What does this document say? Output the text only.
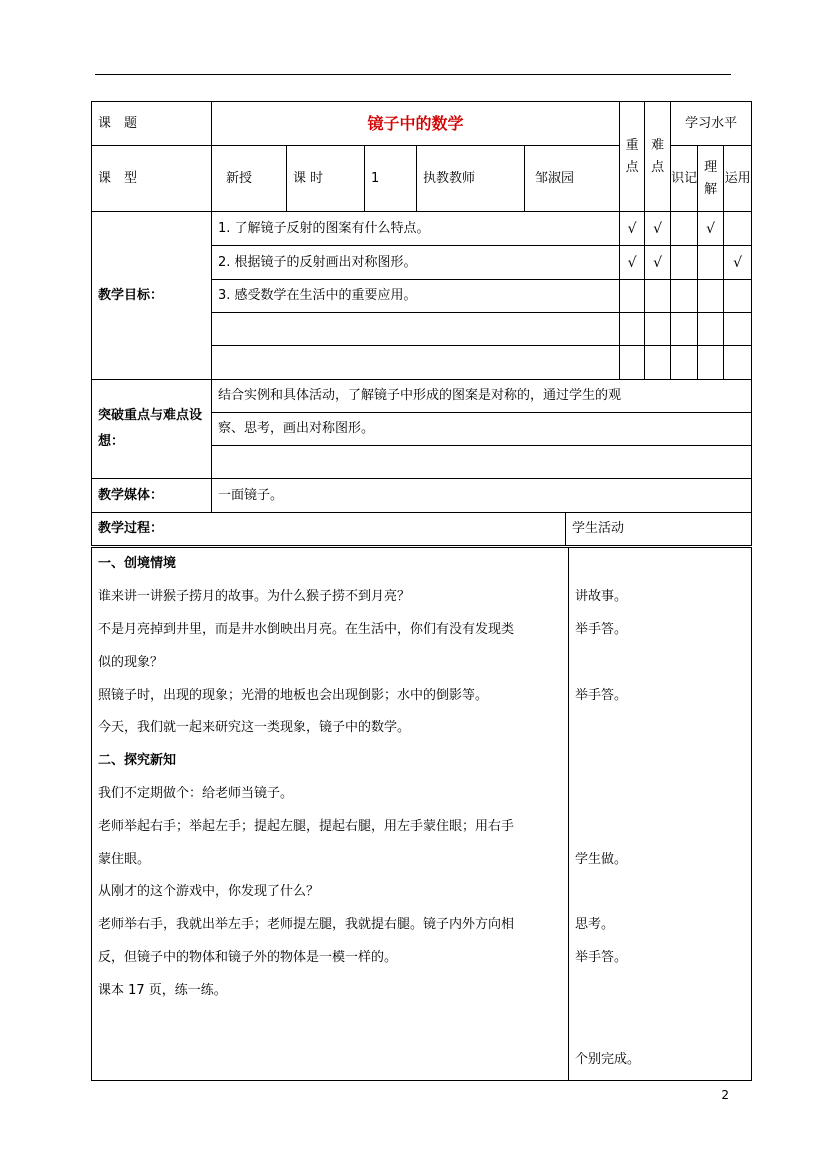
课　题	镜子中的数学						重点	难点	学习水平		
课　型	新授	课 时	1	执教教师	邹淑园				识记	理解	运用
教学目标：	1. 了解镜子反射的图案有什么特点。						√	√		√	
	2. 根据镜子的反射画出对称图形。						√	√			√
	3. 感受数学在生活中的重要应用。										

突破重点与难点设想：	结合实例和具体活动，了解镜子中形成的图案是对称的，通过学生的观										
	察、思考，画出对称图形。										

教学媒体：	一面镜子。										
教学过程：						学生活动					
一、创境情境	
谁来讲一讲猴子捞月的故事。为什么猴子捞不到月亮？	讲故事。
不是月亮掉到井里，而是井水倒映出月亮。在生活中，你们有没有发现类	举手答。
似的现象？	
照镜子时，出现的现象；光滑的地板也会出现倒影；水中的倒影等。	举手答。
今天，我们就一起来研究这一类现象，镜子中的数学。	
二、探究新知	
我们不定期做个：给老师当镜子。	
老师举起右手；举起左手；提起左腿，提起右腿，用左手蒙住眼；用右手	
蒙住眼。	学生做。
从刚才的这个游戏中，你发现了什么？	
老师举右手，我就出举左手；老师提左腿，我就提右腿。镜子内外方向相	思考。
反，但镜子中的物体和镜子外的物体是一模一样的。	举手答。
课本 17 页，练一练。	

	个别完成。
2
